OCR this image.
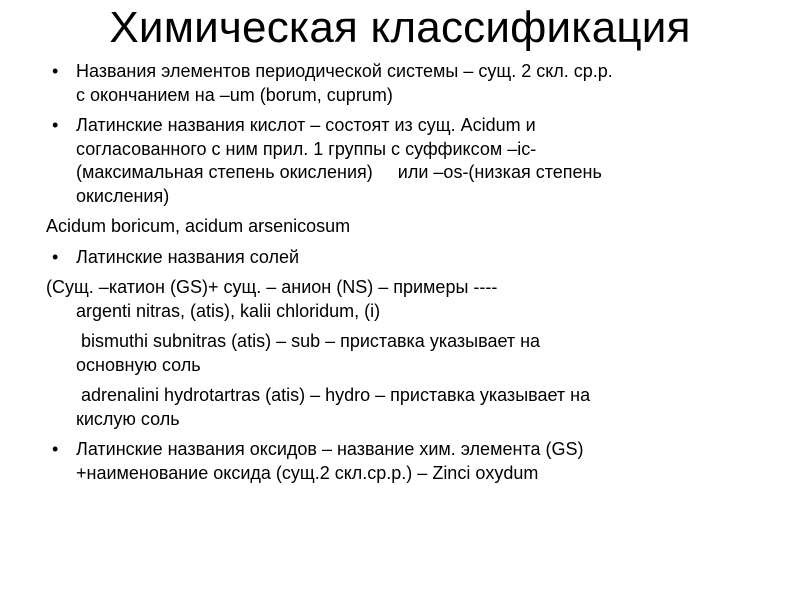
Химическая классификация
• Названия элементов периодической системы – сущ. 2 скл. ср.р.
с окончанием на –um (borum, cuprum)
• Латинские названия кислот – состоят из сущ. Acidum и
согласованного с ним прил. 1 группы с суффиксом –ic-
(максимальная степень окисления)     или –os-(низкая степень
окисления)
Acidum boricum, acidum arsenicosum
• Латинские названия солей
(Сущ. –катион (GS)+ сущ. – анион (NS) – примеры ----
argenti nitras, (atis), kalii chloridum, (i)
bismuthi subnitras (atis) – sub – приставка указывает на
основную соль
adrenalini hydrotartras (atis) – hydro – приставка указывает на
кислую соль
• Латинские названия оксидов – название хим. элемента (GS)
+наименование оксида (сущ.2 скл.ср.р.) – Zinci oxydum
